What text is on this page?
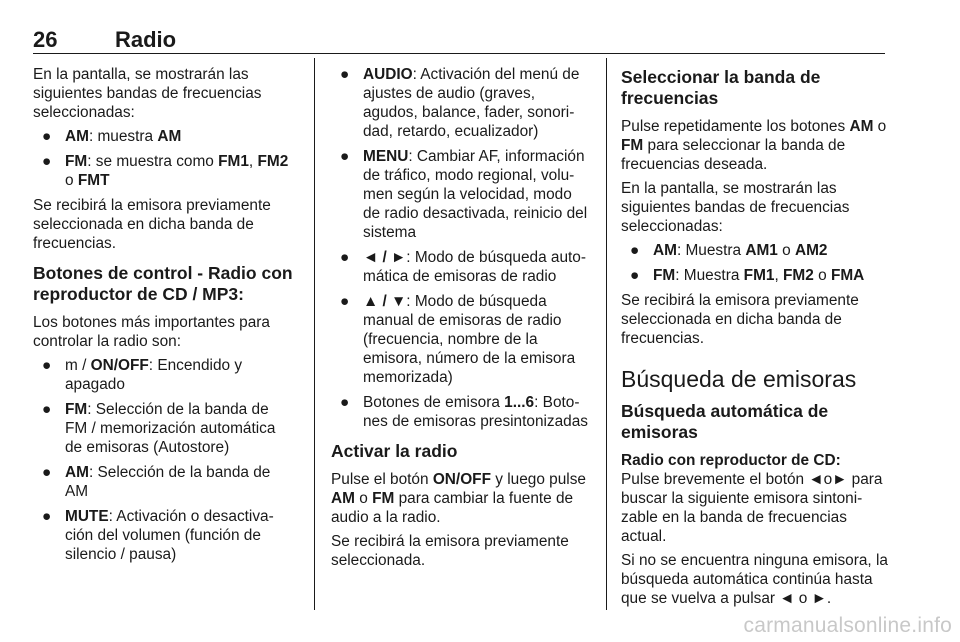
26	Radio

En la pantalla, se mostrarán las siguientes bandas de frecuencias seleccionadas:

● AM: muestra AM
● FM: se muestra como FM1, FM2 o FMT

Se recibirá la emisora previamente seleccionada en dicha banda de frecuencias.

Botones de control - Radio con reproductor de CD / MP3:

Los botones más importantes para controlar la radio son:

● m / ON/OFF: Encendido y apagado
● FM: Selección de la banda de FM / memorización automática de emisoras (Autostore)
● AM: Selección de la banda de AM
● MUTE: Activación o desactiva-ción del volumen (función de silencio / pausa)
● AUDIO: Activación del menú de ajustes de audio (graves, agudos, balance, fader, sonori-dad, retardo, ecualizador)
● MENU: Cambiar AF, información de tráfico, modo regional, volu-men según la velocidad, modo de radio desactivada, reinicio del sistema
● ◄ / ►: Modo de búsqueda auto-mática de emisoras de radio
● ▲ / ▼: Modo de búsqueda manual de emisoras de radio (frecuencia, nombre de la emisora, número de la emisora memorizada)
● Botones de emisora 1...6: Boto-nes de emisoras presintonizadas
Activar la radio

Pulse el botón ON/OFF y luego pulse AM o FM para cambiar la fuente de audio a la radio.

Se recibirá la emisora previamente seleccionada.

Seleccionar la banda de frecuencias

Pulse repetidamente los botones AM o FM para seleccionar la banda de frecuencias deseada.

En la pantalla, se mostrarán las siguientes bandas de frecuencias seleccionadas:

● AM: Muestra AM1 o AM2
● FM: Muestra FM1, FM2 o FMA

Se recibirá la emisora previamente seleccionada en dicha banda de frecuencias.

Búsqueda de emisoras
Búsqueda automática de emisoras
Radio con reproductor de CD:

Pulse brevemente el botón ◄o► para buscar la siguiente emisora sintoni-zable en la banda de frecuencias actual.

Si no se encuentra ninguna emisora, la búsqueda automática continúa hasta que se vuelva a pulsar ◄ o ►.

carmanualsonline.info
